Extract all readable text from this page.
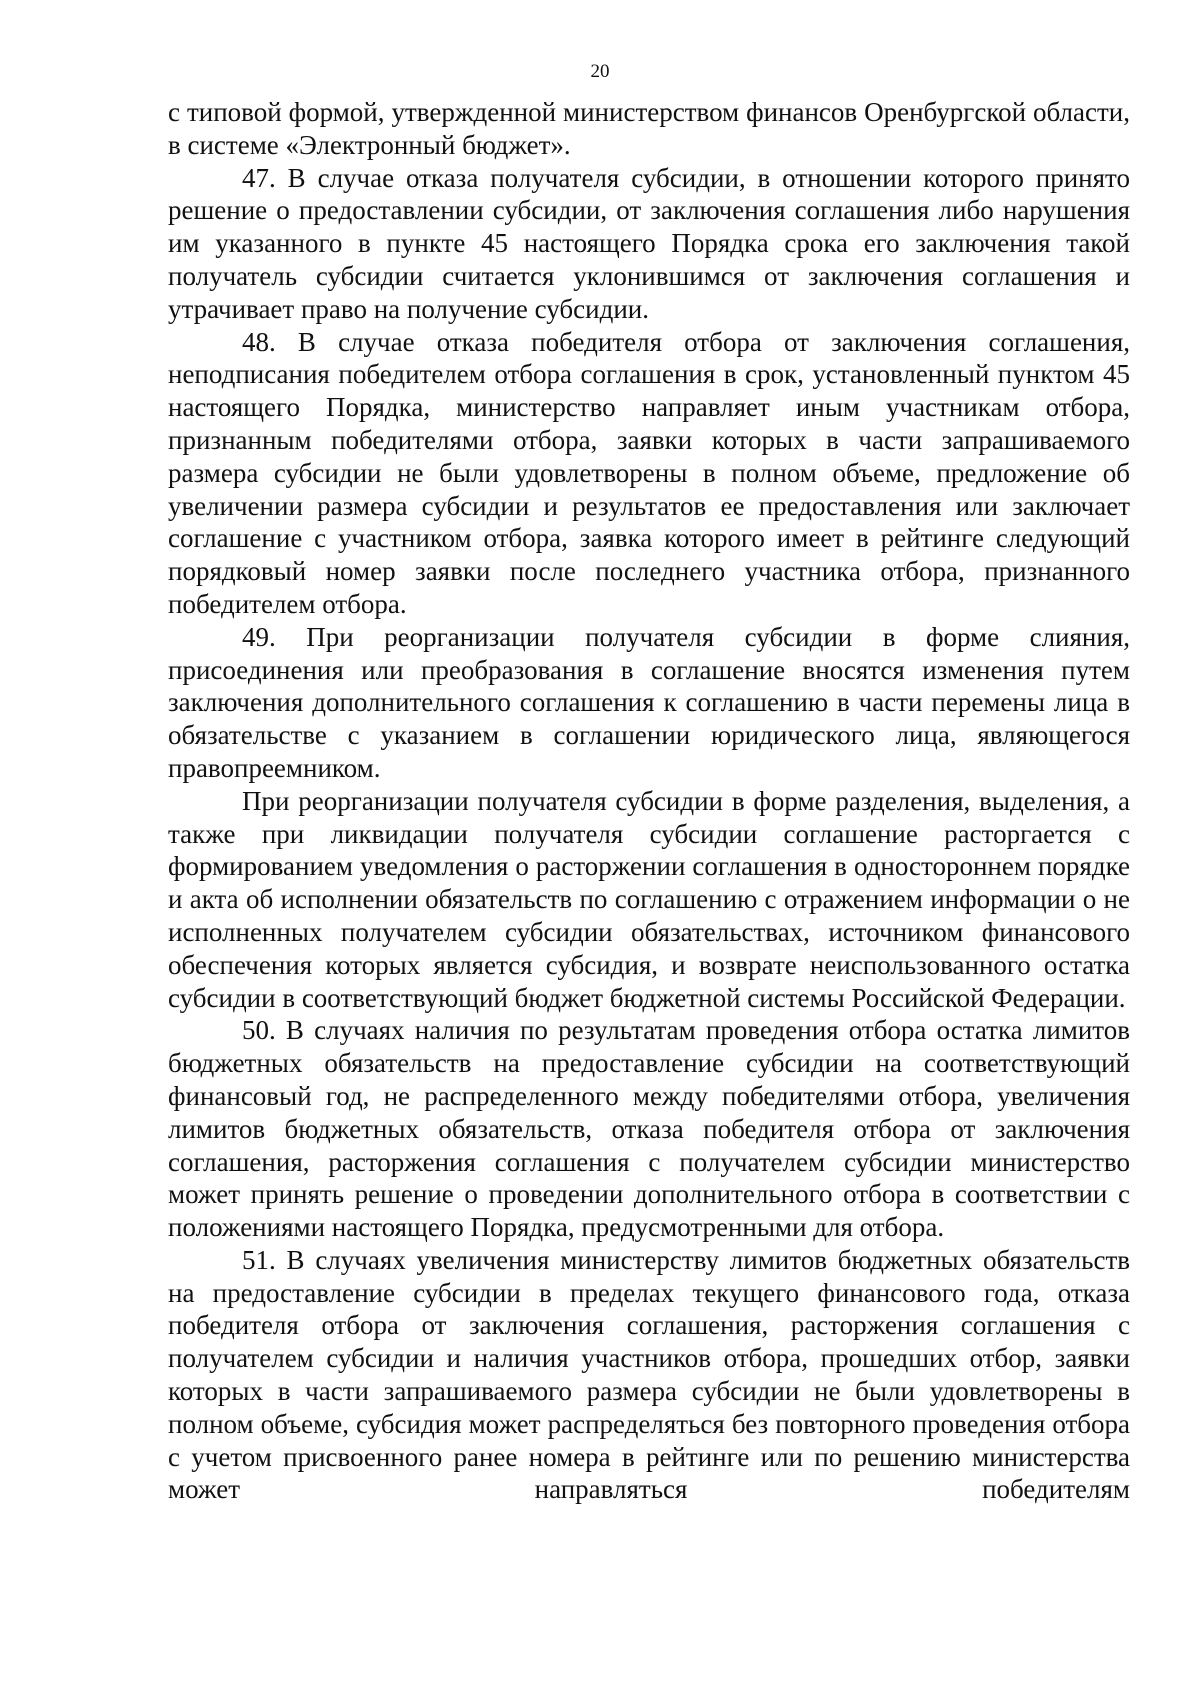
20

с типовой формой, утвержденной министерством финансов Оренбургской области, в системе «Электронный бюджет».

47. В случае отказа получателя субсидии, в отношении которого принято решение о предоставлении субсидии, от заключения соглашения либо нарушения им указанного в пункте 45 настоящего Порядка срока его заключения такой получатель субсидии считается уклонившимся от заключения соглашения и утрачивает право на получение субсидии.

48. В случае отказа победителя отбора от заключения соглашения, неподписания победителем отбора соглашения в срок, установленный пунктом 45 настоящего Порядка, министерство направляет иным участникам отбора, признанным победителями отбора, заявки которых в части запрашиваемого размера субсидии не были удовлетворены в полном объеме, предложение об увеличении размера субсидии и результатов ее предоставления или заключает соглашение с участником отбора, заявка которого имеет в рейтинге следующий порядковый номер заявки после последнего участника отбора, признанного победителем отбора.

49. При реорганизации получателя субсидии в форме слияния, присоединения или преобразования в соглашение вносятся изменения путем заключения дополнительного соглашения к соглашению в части перемены лица в обязательстве с указанием в соглашении юридического лица, являющегося правопреемником.

При реорганизации получателя субсидии в форме разделения, выделения, а также при ликвидации получателя субсидии соглашение расторгается с формированием уведомления о расторжении соглашения в одностороннем порядке и акта об исполнении обязательств по соглашению с отражением информации о не исполненных получателем субсидии обязательствах, источником финансового обеспечения которых является субсидия, и возврате неиспользованного остатка субсидии в соответствующий бюджет бюджетной системы Российской Федерации.

50. В случаях наличия по результатам проведения отбора остатка лимитов бюджетных обязательств на предоставление субсидии на соответствующий финансовый год, не распределенного между победителями отбора, увеличения лимитов бюджетных обязательств, отказа победителя отбора от заключения соглашения, расторжения соглашения с получателем субсидии министерство может принять решение о проведении дополнительного отбора в соответствии с положениями настоящего Порядка, предусмотренными для отбора.

51. В случаях увеличения министерству лимитов бюджетных обязательств на предоставление субсидии в пределах текущего финансового года, отказа победителя отбора от заключения соглашения, расторжения соглашения с получателем субсидии и наличия участников отбора, прошедших отбор, заявки которых в части запрашиваемого размера субсидии не были удовлетворены в полном объеме, субсидия может распределяться без повторного проведения отбора с учетом присвоенного ранее номера в рейтинге или по решению министерства может направляться победителям
